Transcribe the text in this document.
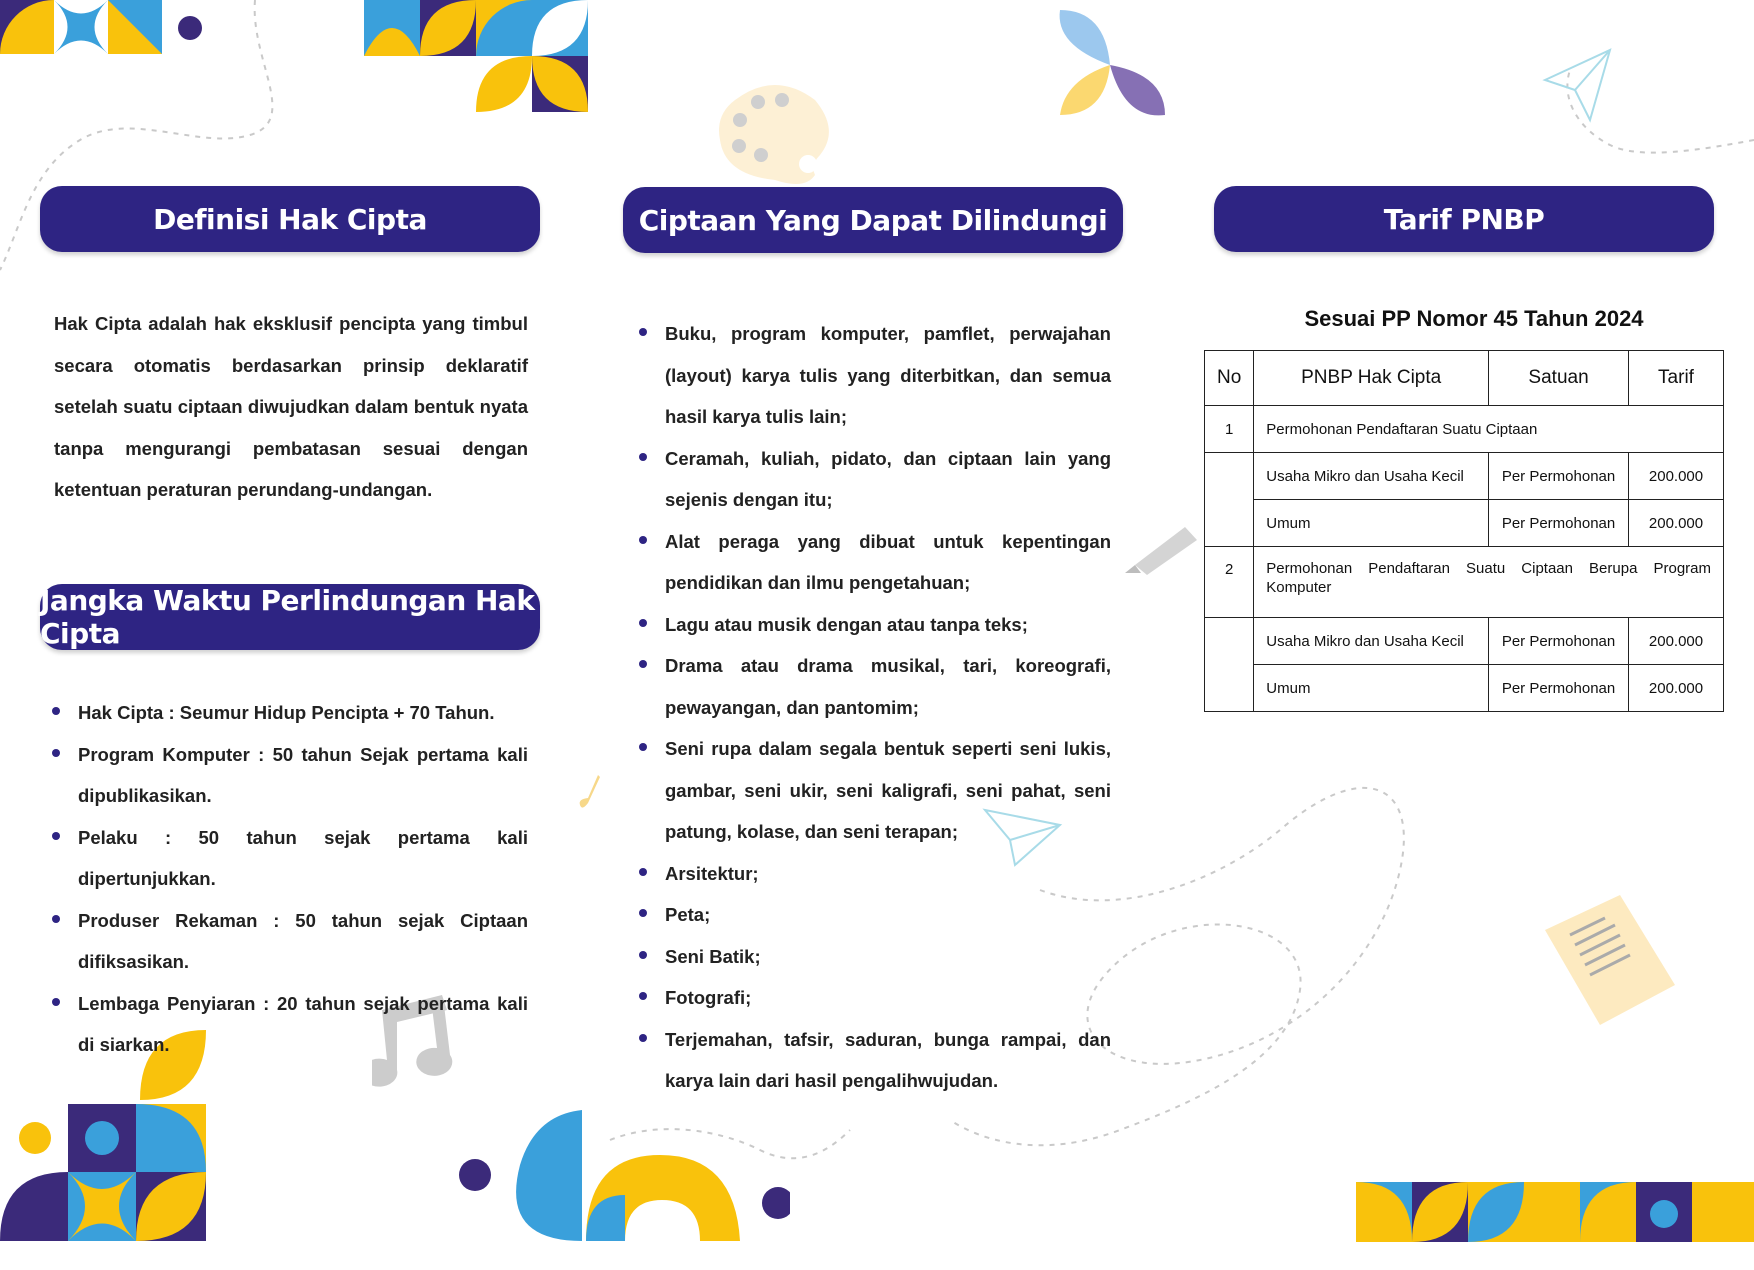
Definisi Hak Cipta
Hak Cipta adalah hak eksklusif pencipta yang timbul secara otomatis berdasarkan prinsip deklaratif setelah suatu ciptaan diwujudkan dalam bentuk nyata tanpa mengurangi pembatasan sesuai dengan ketentuan peraturan perundang-undangan.
Jangka Waktu Perlindungan Hak Cipta
Hak Cipta : Seumur Hidup Pencipta + 70 Tahun.
Program Komputer : 50 tahun Sejak pertama kali dipublikasikan.
Pelaku : 50 tahun sejak pertama kali dipertunjukkan.
Produser Rekaman : 50 tahun sejak Ciptaan difiksasikan.
Lembaga Penyiaran : 20 tahun sejak pertama kali di siarkan.
Ciptaan Yang Dapat Dilindungi
Buku, program komputer, pamflet, perwajahan (layout) karya tulis yang diterbitkan, dan semua hasil karya tulis lain;
Ceramah, kuliah, pidato, dan ciptaan lain yang sejenis dengan itu;
Alat peraga yang dibuat untuk kepentingan pendidikan dan ilmu pengetahuan;
Lagu atau musik dengan atau tanpa teks;
Drama atau drama musikal, tari, koreografi, pewayangan, dan pantomim;
Seni rupa dalam segala bentuk seperti seni lukis, gambar, seni ukir, seni kaligrafi, seni pahat, seni patung, kolase, dan seni terapan;
Arsitektur;
Peta;
Seni Batik;
Fotografi;
Terjemahan, tafsir, saduran, bunga rampai, dan karya lain dari hasil pengalihwujudan.
Tarif PNBP
Sesuai PP Nomor 45 Tahun 2024
No	PNBP Hak Cipta	Satuan	Tarif
1	Permohonan Pendaftaran Suatu Ciptaan		
	Usaha Mikro dan Usaha Kecil	Per Permohonan	200.000
	Umum	Per Permohonan	200.000
2	Permohonan Pendaftaran Suatu Ciptaan Berupa Program Komputer		
	Usaha Mikro dan Usaha Kecil	Per Permohonan	200.000
	Umum	Per Permohonan	200.000
